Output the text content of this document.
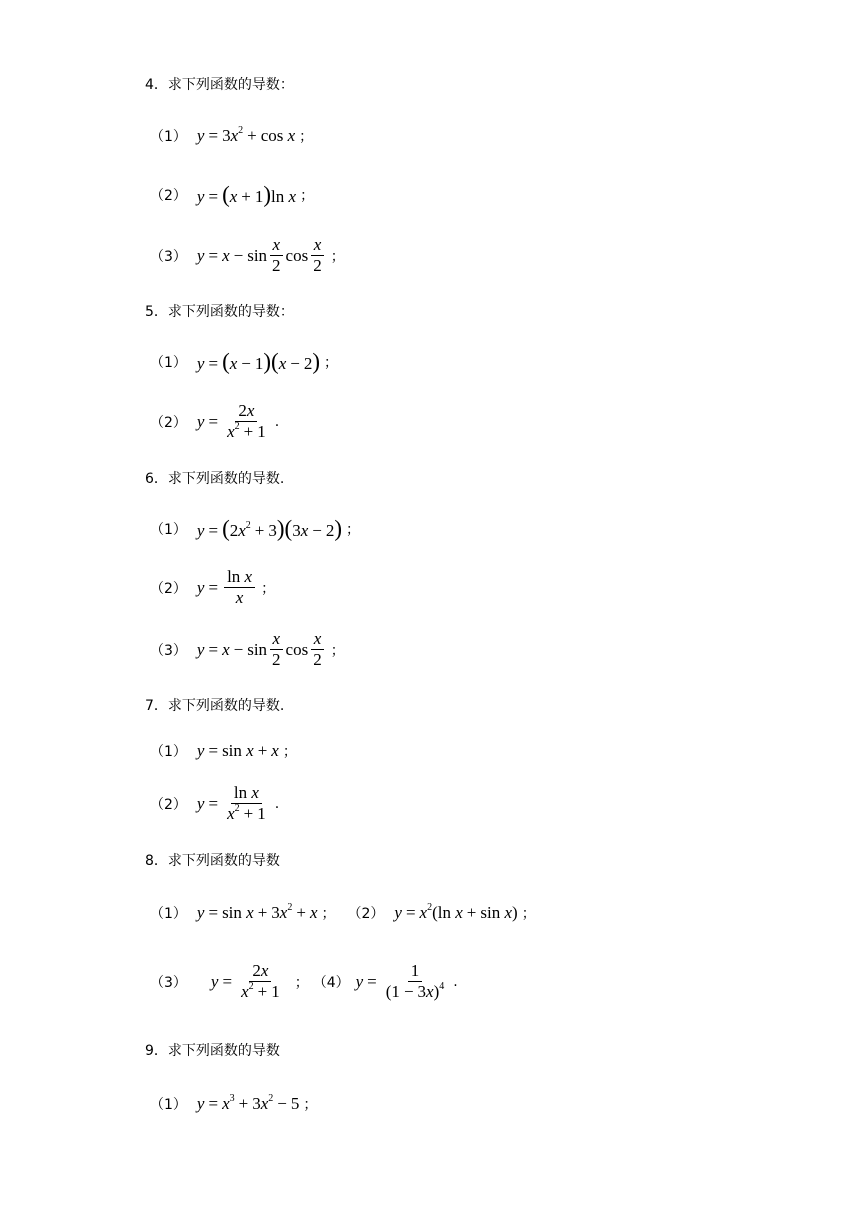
4．求下列函数的导数：
（1） $y = 3x^2 + \cos x$ ；
（2） y = (x + 1)ln x ；
（3） $y = x - \sin \frac{x}{2}$ $\cos \frac{x}{2}$ ；
5．求下列函数的导数：
（1） y = (x − 1)(x − 2) ；
（2） $y = \frac{2x}{x^2 + 1}$ .
6．求下列函数的导数.
（1） $y = (2x^2 + 3)(3x - 2)$ ；
（2） $y = \frac{\text{ln x}}{x}$ ；
（3） $y = x - \sin \frac{x}{2}$ $\cos \frac{x}{2}$ ；
7．求下列函数的导数.
（1） y = sin x + x ；
（2） $y = \frac{\text{ln x}}{x^2 + 1}$ .
8．求下列函数的导数
（1） $y = \sin x + 3x^2 + x$ ； （2） $y = x^2(\ln$ x + sin x) ；
（3） $y = \frac{2x}{x^2 + 1}$ ； （4） $y = \frac{1}{(1 - 3x)^4}$ .
9．求下列函数的导数
（1） $y = x^3 + 3x^2 - 5$ ；
